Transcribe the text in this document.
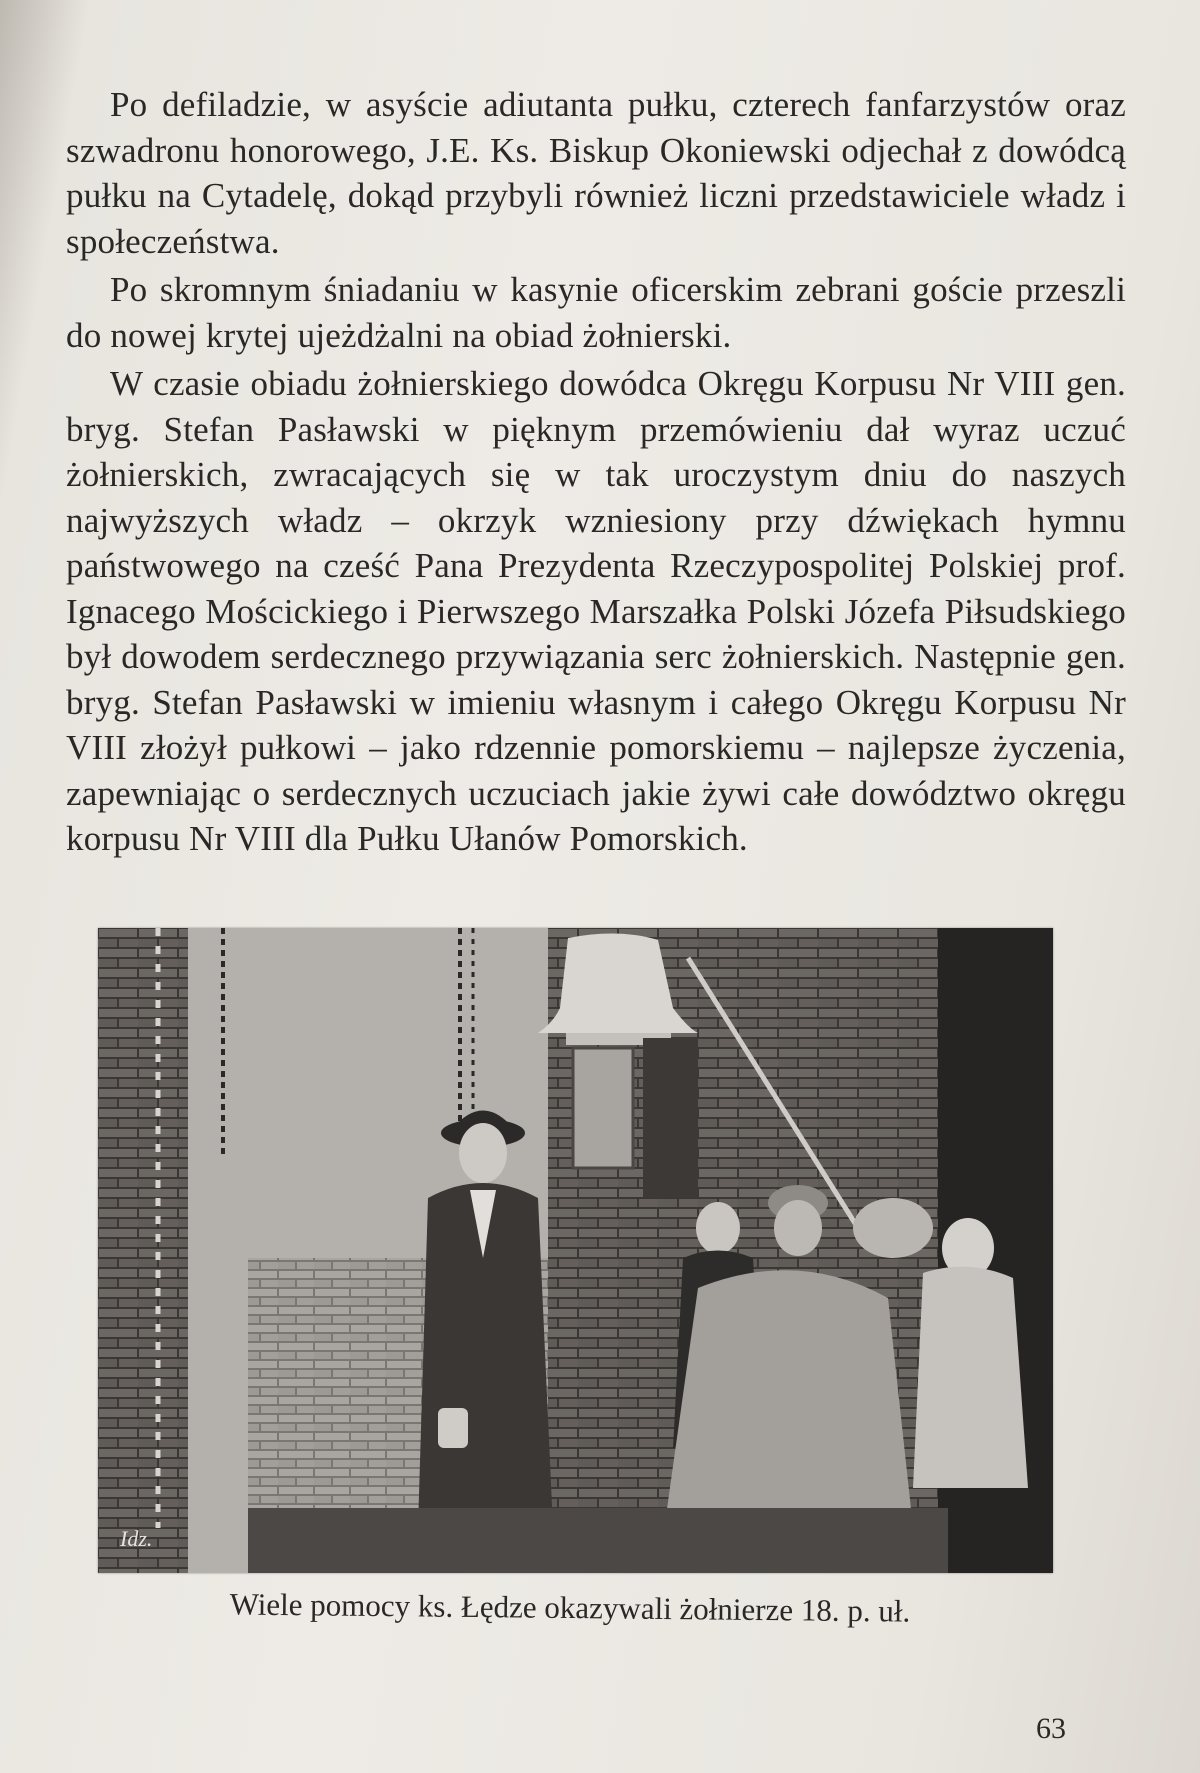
Po defiladzie, w asyście adiutanta pułku, czterech fanfarzystów oraz szwadronu honorowego, J.E. Ks. Biskup Okoniewski odjechał z dowódcą pułku na Cytadelę, dokąd przybyli również liczni przedstawiciele władz i społeczeństwa.

Po skromnym śniadaniu w kasynie oficerskim zebrani goście przeszli do nowej krytej ujeżdżalni na obiad żołnierski.

W czasie obiadu żołnierskiego dowódca Okręgu Korpusu Nr VIII gen. bryg. Stefan Pasławski w pięknym przemówieniu dał wyraz uczuć żołnierskich, zwracających się w tak uroczystym dniu do naszych najwyższych władz – okrzyk wzniesiony przy dźwiękach hymnu państwowego na cześć Pana Prezydenta Rzeczypospolitej Polskiej prof. Ignacego Mościckiego i Pierwszego Marszałka Polski Józefa Piłsudskiego był dowodem serdecznego przywiązania serc żołnierskich. Następnie gen. bryg. Stefan Pasławski w imieniu własnym i całego Okręgu Korpusu Nr VIII złożył pułkowi – jako rdzennie pomorskiemu – najlepsze życzenia, zapewniając o serdecznych uczuciach jakie żywi całe dowództwo okręgu korpusu Nr VIII dla Pułku Ułanów Pomorskich.

Idz.
Wiele pomocy ks. Łędze okazywali żołnierze 18. p. uł.
63
